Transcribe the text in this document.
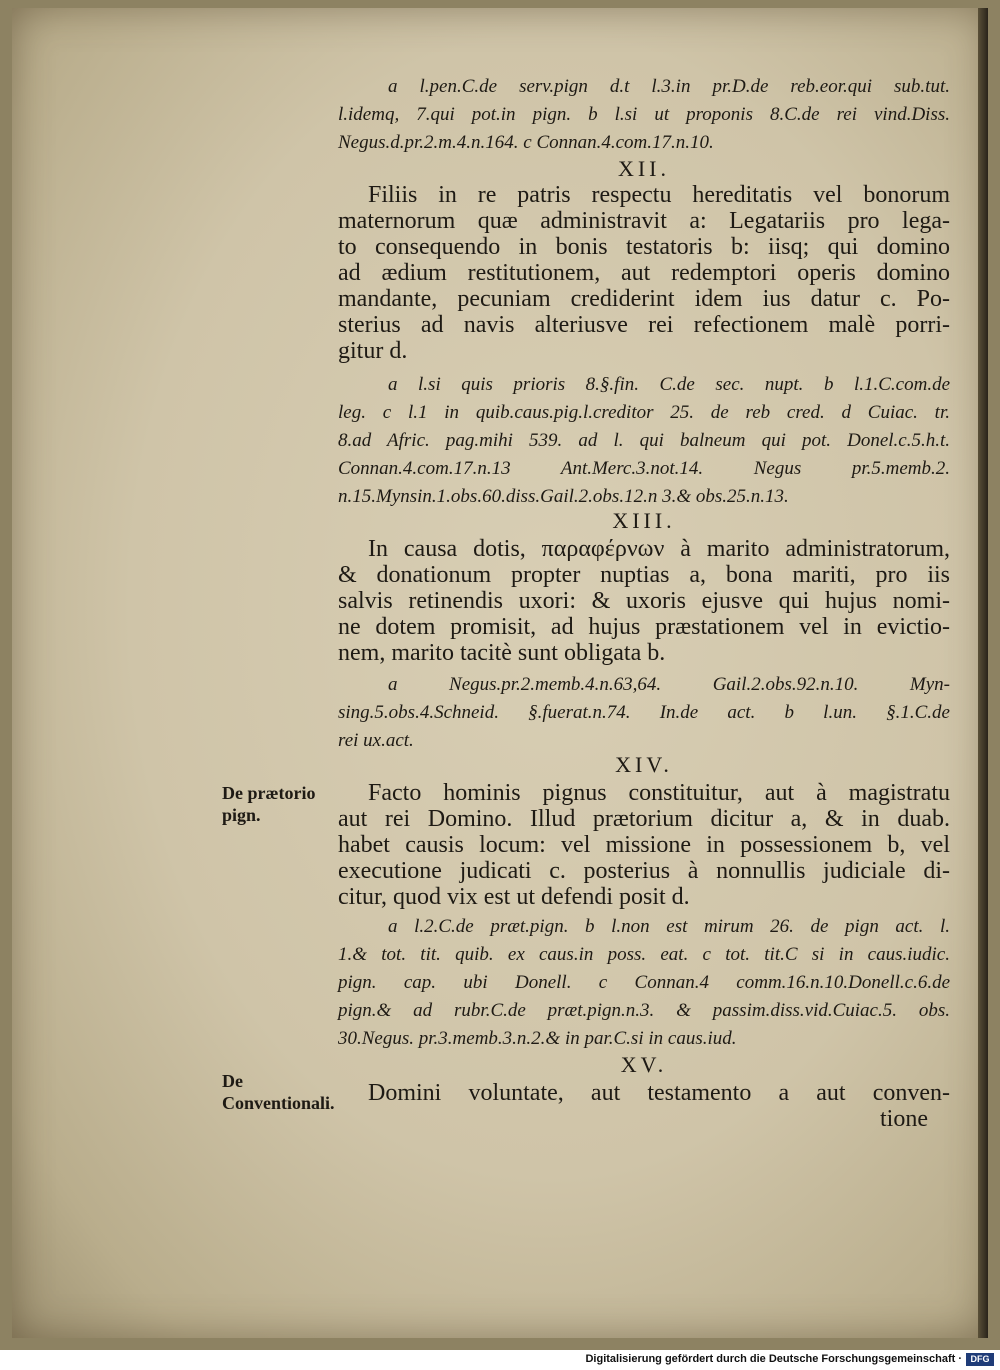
a l.pen.C.de serv.pign d.t l.3.in pr.D.de reb.eor.qui sub.tut.
l.idemq, 7.qui pot.in pign. b l.si ut proponis 8.C.de rei vind.Diss.
Negus.d.pr.2.m.4.n.164. c Connan.4.com.17.n.10.
XII.
Filiis in re patris respectu hereditatis vel bonorum
maternorum quæ administravit a: Legatariis pro lega-
to consequendo in bonis testatoris b: iisq; qui domino
ad ædium restitutionem, aut redemptori operis domino
mandante, pecuniam crediderint idem ius datur c. Po-
sterius ad navis alteriusve rei refectionem malè porri-
gitur d.
a l.si quis prioris 8.§.fin. C.de sec. nupt. b l.1.C.com.de
leg. c l.1 in quib.caus.pig.l.creditor 25. de reb cred. d Cuiac. tr.
8.ad Afric. pag.mihi 539. ad l. qui balneum qui pot. Donel.c.5.h.t.
Connan.4.com.17.n.13 Ant.Merc.3.not.14. Negus pr.5.memb.2.
n.15.Mynsin.1.obs.60.diss.Gail.2.obs.12.n 3.& obs.25.n.13.
XIII.
In causa dotis, παραφέρνων à marito administratorum,
& donationum propter nuptias a, bona mariti, pro iis
salvis retinendis uxori: & uxoris ejusve qui hujus nomi-
ne dotem promisit, ad hujus præstationem vel in evictio-
nem, marito tacitè sunt obligata b.
a Negus.pr.2.memb.4.n.63,64. Gail.2.obs.92.n.10. Myn-
sing.5.obs.4.Schneid. §.fuerat.n.74. In.de act. b l.un. §.1.C.de
rei ux.act.
XIV.
De prætorio pign.
Facto hominis pignus constituitur, aut à magistratu
aut rei Domino. Illud prætorium dicitur a, & in duab.
habet causis locum: vel missione in possessionem b, vel
executione judicati c. posterius à nonnullis judiciale di-
citur, quod vix est ut defendi posit d.
a l.2.C.de præt.pign. b l.non est mirum 26. de pign act. l.
1.& tot. tit. quib. ex caus.in poss. eat. c tot. tit.C si in caus.iudic.
pign. cap. ubi Donell. c Connan.4 comm.16.n.10.Donell.c.6.de
pign.& ad rubr.C.de præt.pign.n.3. & passim.diss.vid.Cuiac.5. obs.
30.Negus. pr.3.memb.3.n.2.& in par.C.si in caus.iud.
XV.
De Conventionali. Domini voluntate, aut testamento a aut conven-
tione
Digitalisierung gefördert durch die Deutsche Forschungsgemeinschaft · DFG
